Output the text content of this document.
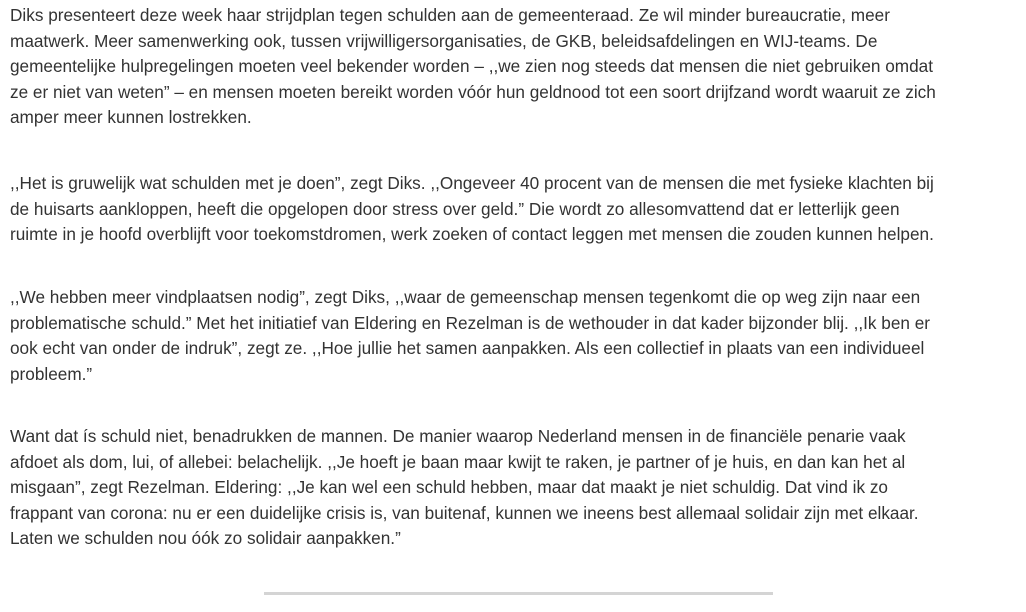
Diks presenteert deze week haar strijdplan tegen schulden aan de gemeenteraad. Ze wil minder bureaucratie, meer
maatwerk. Meer samenwerking ook, tussen vrijwilligersorganisaties, de GKB, beleidsafdelingen en WIJ-teams. De
gemeentelijke hulpregelingen moeten veel bekender worden – ,,we zien nog steeds dat mensen die niet gebruiken omdat
ze er niet van weten” – en mensen moeten bereikt worden vóór hun geldnood tot een soort drijfzand wordt waaruit ze zich
amper meer kunnen lostrekken.

,,Het is gruwelijk wat schulden met je doen”, zegt Diks. ,,Ongeveer 40 procent van de mensen die met fysieke klachten bij
de huisarts aankloppen, heeft die opgelopen door stress over geld.” Die wordt zo allesomvattend dat er letterlijk geen
ruimte in je hoofd overblijft voor toekomstdromen, werk zoeken of contact leggen met mensen die zouden kunnen helpen.

,,We hebben meer vindplaatsen nodig”, zegt Diks, ,,waar de gemeenschap mensen tegenkomt die op weg zijn naar een
problematische schuld.” Met het initiatief van Eldering en Rezelman is de wethouder in dat kader bijzonder blij. ,,Ik ben er
ook echt van onder de indruk”, zegt ze. ,,Hoe jullie het samen aanpakken. Als een collectief in plaats van een individueel
probleem.”

Want dat ís schuld niet, benadrukken de mannen. De manier waarop Nederland mensen in de financiële penarie vaak
afdoet als dom, lui, of allebei: belachelijk. ,,Je hoeft je baan maar kwijt te raken, je partner of je huis, en dan kan het al
misgaan”, zegt Rezelman. Eldering: ,,Je kan wel een schuld hebben, maar dat maakt je niet schuldig. Dat vind ik zo
frappant van corona: nu er een duidelijke crisis is, van buitenaf, kunnen we ineens best allemaal solidair zijn met elkaar.
Laten we schulden nou óók zo solidair aanpakken.”
